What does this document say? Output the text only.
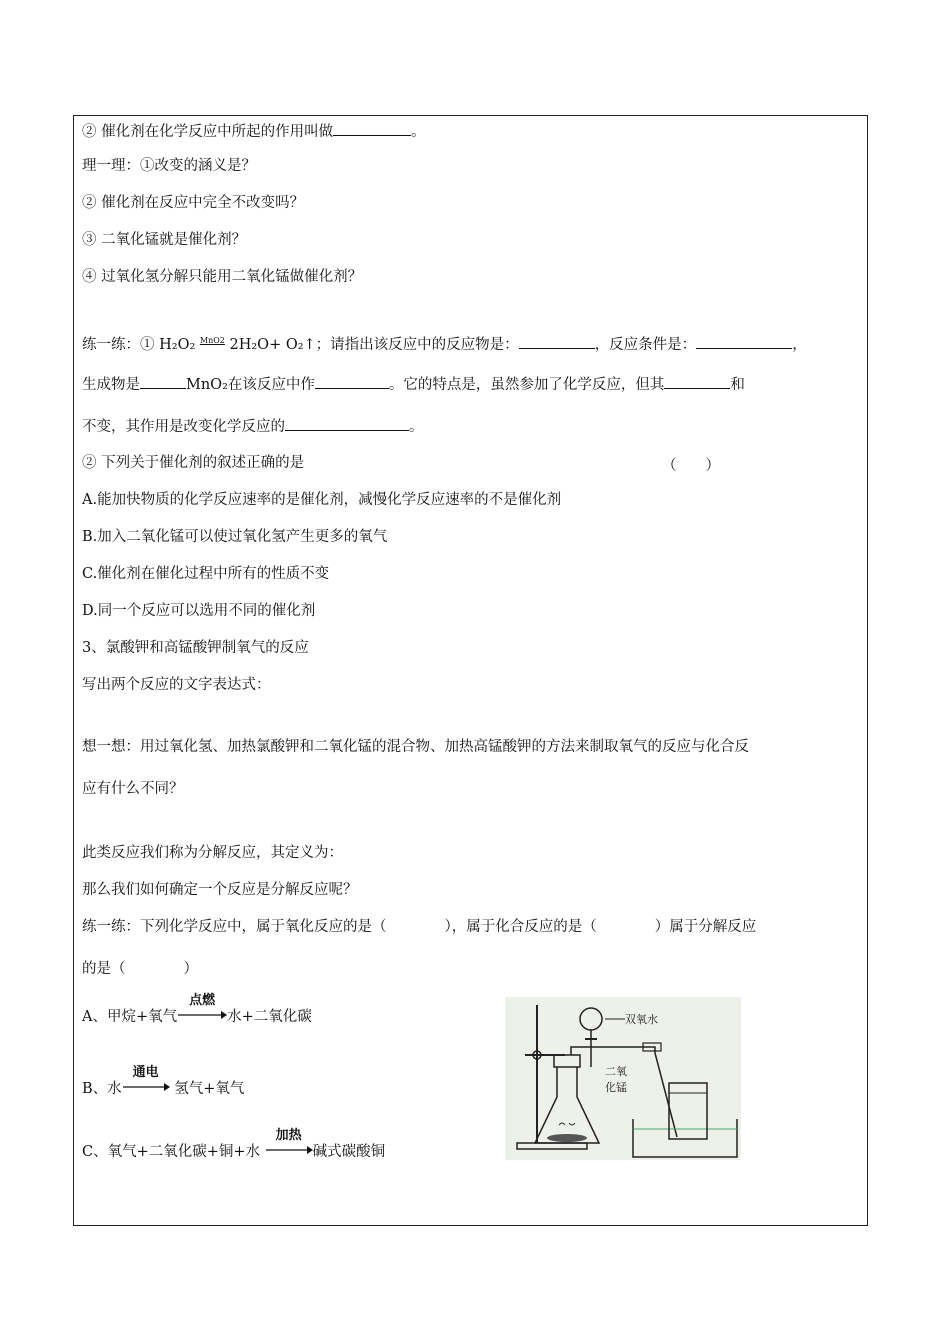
② 催化剂在化学反应中所起的作用叫做	。
理一理：①改变的涵义是？
② 催化剂在反应中完全不改变吗？
③ 二氧化锰就是催化剂？
④ 过氧化氢分解只能用二氧化锰做催化剂？
练一练：① H₂O₂ $^{MnO2}$ 2H₂O+ O₂↑；请指出该反应中的反应物是：	，反应条件是：	，
生成物是	MnO₂在该反应中作	。它的特点是，虽然参加了化学反应，但其	和
不变，其作用是改变化学反应的	。
② 下列关于催化剂的叙述正确的是	（　　）
A.能加快物质的化学反应速率的是催化剂，减慢化学反应速率的不是催化剂
B.加入二氧化锰可以使过氧化氢产生更多的氧气
C.催化剂在催化过程中所有的性质不变
D.同一个反应可以选用不同的催化剂
3、氯酸钾和高锰酸钾制氧气的反应
写出两个反应的文字表达式：
想一想：用过氧化氢、加热氯酸钾和二氧化锰的混合物、加热高锰酸钾的方法来制取氧气的反应与化合反
应有什么不同？
此类反应我们称为分解反应，其定义为：
那么我们如何确定一个反应是分解反应呢？
练一练：下列化学反应中，属于氧化反应的是（	），属于化合反应的是（	）属于分解反应
的是（　　　　）
A、甲烷+氧气
点燃
水+二氧化碳
B、水
通电
氢气+氧气
C、氧气+二氧化碳+铜+水
加热
碱式碳酸铜
双氧水
二氧
化锰
